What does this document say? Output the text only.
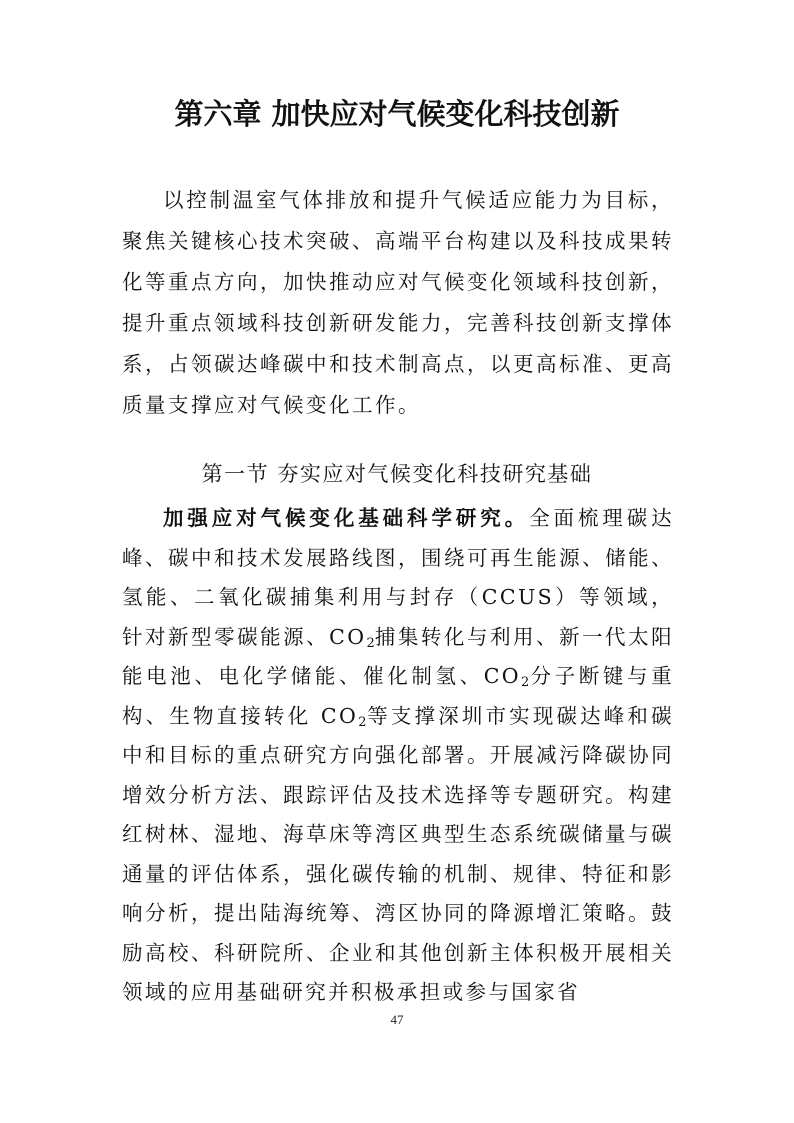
第六章 加快应对气候变化科技创新

以控制温室气体排放和提升气候适应能力为目标，聚焦关键核心技术突破、高端平台构建以及科技成果转化等重点方向，加快推动应对气候变化领域科技创新，提升重点领域科技创新研发能力，完善科技创新支撑体系，占领碳达峰碳中和技术制高点，以更高标准、更高质量支撑应对气候变化工作。

第一节 夯实应对气候变化科技研究基础

加强应对气候变化基础科学研究。全面梳理碳达峰、碳中和技术发展路线图，围绕可再生能源、储能、氢能、二氧化碳捕集利用与封存（CCUS）等领域，针对新型零碳能源、$CO_2$捕集转化与利用、新一代太阳能电池、电化学储能、催化制氢、$CO_2$分子断键与重构、生物直接转化 $CO_2$等支撑深圳市实现碳达峰和碳中和目标的重点研究方向强化部署。开展减污降碳协同增效分析方法、跟踪评估及技术选择等专题研究。构建红树林、湿地、海草床等湾区典型生态系统碳储量与碳通量的评估体系，强化碳传输的机制、规律、特征和影响分析，提出陆海统筹、湾区协同的降源增汇策略。鼓励高校、科研院所、企业和其他创新主体积极开展相关领域的应用基础研究并积极承担或参与国家省

47
